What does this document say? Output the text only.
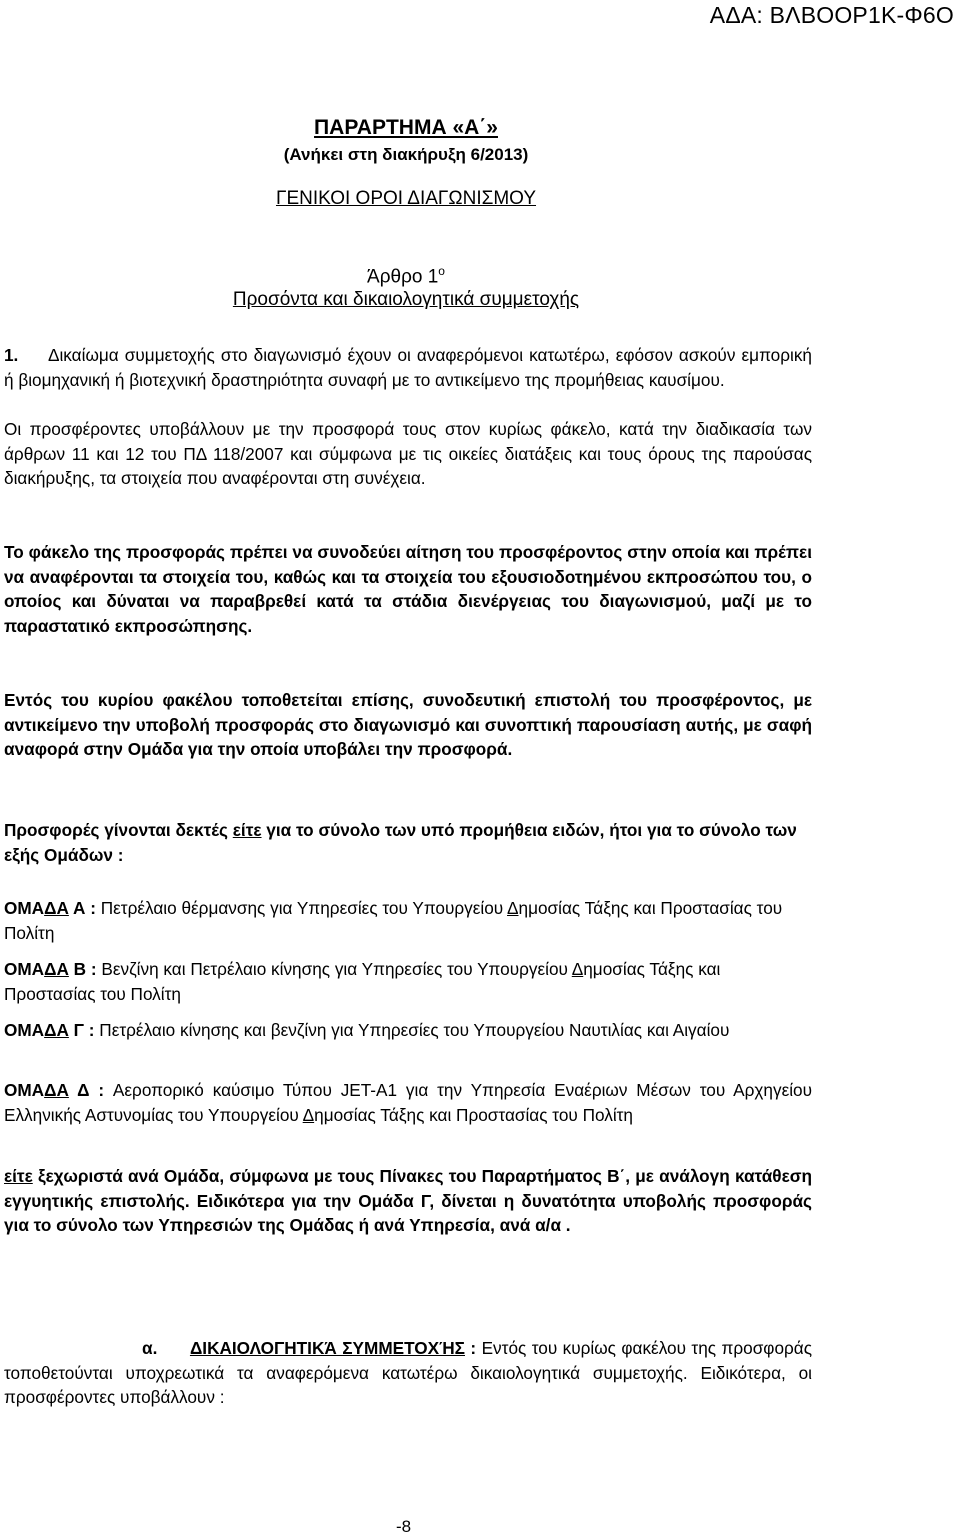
ΑΔΑ: ΒΛΒΟΟΡ1Κ-Φ6Ο
ΠΑΡΑΡΤΗΜΑ «Α΄»
(Ανήκει στη διακήρυξη 6/2013)
ΓΕΝΙΚΟΙ ΟΡΟΙ ΔΙΑΓΩΝΙΣΜΟΥ
Άρθρο $1^o$
Προσόντα και δικαιολογητικά συμμετοχής
1. Δικαίωμα συμμετοχής στο διαγωνισμό έχουν οι αναφερόμενοι κατωτέρω, εφόσον ασκούν εμπορική ή βιομηχανική ή βιοτεχνική δραστηριότητα συναφή με το αντικείμενο της προμήθειας καυσίμου.
Οι προσφέροντες υποβάλλουν με την προσφορά τους στον κυρίως φάκελο, κατά την διαδικασία των άρθρων 11 και 12 του ΠΔ 118/2007 και σύμφωνα με τις οικείες διατάξεις και τους όρους της παρούσας διακήρυξης, τα στοιχεία που αναφέρονται στη συνέχεια.
Το φάκελο της προσφοράς πρέπει να συνοδεύει αίτηση του προσφέροντος στην οποία και πρέπει να αναφέρονται τα στοιχεία του, καθώς και τα στοιχεία του εξουσιοδοτημένου εκπροσώπου του, ο οποίος και δύναται να παραβρεθεί κατά τα στάδια διενέργειας του διαγωνισμού, μαζί με το παραστατικό εκπροσώπησης.
Εντός του κυρίου φακέλου τοποθετείται επίσης, συνοδευτική επιστολή του προσφέροντος, με αντικείμενο την υποβολή προσφοράς στο διαγωνισμό και συνοπτική παρουσίαση αυτής, με σαφή αναφορά στην Ομάδα για την οποία υποβάλει την προσφορά.
Προσφορές γίνονται δεκτές είτε για το σύνολο των υπό προμήθεια ειδών, ήτοι για το σύνολο των εξής Ομάδων :
ΟΜΑΔΑ Α : Πετρέλαιο θέρμανσης για Υπηρεσίες του Υπουργείου Δημοσίας Τάξης και Προστασίας του Πολίτη
ΟΜΑΔΑ Β : Βενζίνη και Πετρέλαιο κίνησης για Υπηρεσίες του Υπουργείου Δημοσίας Τάξης και Προστασίας του Πολίτη
ΟΜΑΔΑ Γ : Πετρέλαιο κίνησης και βενζίνη για Υπηρεσίες του Υπουργείου Ναυτιλίας και Αιγαίου
ΟΜΑΔΑ Δ : Αεροπορικό καύσιμο Τύπου JET-A1 για την Υπηρεσία Εναέριων Μέσων του Αρχηγείου Ελληνικής Αστυνομίας του Υπουργείου Δημοσίας Τάξης και Προστασίας του Πολίτη
είτε ξεχωριστά ανά Ομάδα, σύμφωνα με τους Πίνακες του Παραρτήματος Β΄, με ανάλογη κατάθεση εγγυητικής επιστολής. Ειδικότερα για την Ομάδα Γ, δίνεται η δυνατότητα υποβολής προσφοράς για το σύνολο των Υπηρεσιών της Ομάδας ή ανά Υπηρεσία, ανά α/α .
α. ΔΙΚΑΙΟΛΟΓΗΤΙΚΆ ΣΥΜΜΕΤΟΧΉΣ : Εντός του κυρίως φακέλου της προσφοράς τοποθετούνται υποχρεωτικά τα αναφερόμενα κατωτέρω δικαιολογητικά συμμετοχής. Ειδικότερα, οι προσφέροντες υποβάλλουν :
-8
